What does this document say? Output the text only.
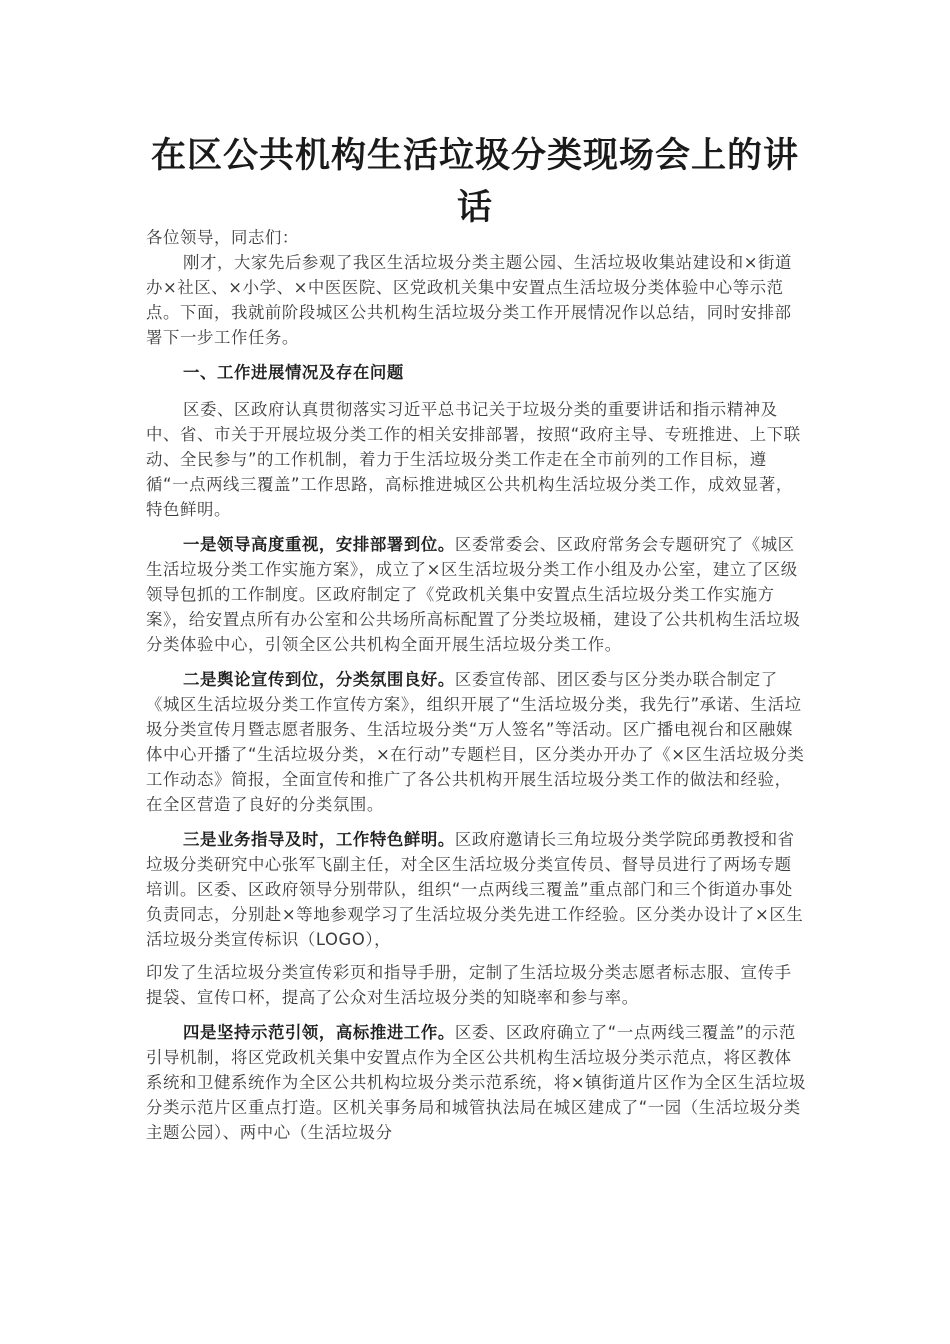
在区公共机构生活垃圾分类现场会上的讲话

各位领导，同志们：

刚才，大家先后参观了我区生活垃圾分类主题公园、生活垃圾收集站建设和×街道办×社区、×小学、×中医医院、区党政机关集中安置点生活垃圾分类体验中心等示范点。下面，我就前阶段城区公共机构生活垃圾分类工作开展情况作以总结，同时安排部署下一步工作任务。

一、工作进展情况及存在问题

区委、区政府认真贯彻落实习近平总书记关于垃圾分类的重要讲话和指示精神及中、省、市关于开展垃圾分类工作的相关安排部署，按照“政府主导、专班推进、上下联动、全民参与”的工作机制，着力于生活垃圾分类工作走在全市前列的工作目标，遵循“一点两线三覆盖”工作思路，高标推进城区公共机构生活垃圾分类工作，成效显著，特色鲜明。

一是领导高度重视，安排部署到位。区委常委会、区政府常务会专题研究了《城区生活垃圾分类工作实施方案》，成立了×区生活垃圾分类工作小组及办公室，建立了区级领导包抓的工作制度。区政府制定了《党政机关集中安置点生活垃圾分类工作实施方案》，给安置点所有办公室和公共场所高标配置了分类垃圾桶，建设了公共机构生活垃圾分类体验中心，引领全区公共机构全面开展生活垃圾分类工作。

二是舆论宣传到位，分类氛围良好。区委宣传部、团区委与区分类办联合制定了《城区生活垃圾分类工作宣传方案》，组织开展了“生活垃圾分类，我先行”承诺、生活垃圾分类宣传月暨志愿者服务、生活垃圾分类“万人签名”等活动。区广播电视台和区融媒体中心开播了“生活垃圾分类，×在行动”专题栏目，区分类办开办了《×区生活垃圾分类工作动态》简报，全面宣传和推广了各公共机构开展生活垃圾分类工作的做法和经验，在全区营造了良好的分类氛围。

三是业务指导及时，工作特色鲜明。区政府邀请长三角垃圾分类学院邱勇教授和省垃圾分类研究中心张军飞副主任，对全区生活垃圾分类宣传员、督导员进行了两场专题培训。区委、区政府领导分别带队，组织“一点两线三覆盖”重点部门和三个街道办事处负责同志，分别赴×等地参观学习了生活垃圾分类先进工作经验。区分类办设计了×区生活垃圾分类宣传标识（LOGO），

印发了生活垃圾分类宣传彩页和指导手册，定制了生活垃圾分类志愿者标志服、宣传手提袋、宣传口杯，提高了公众对生活垃圾分类的知晓率和参与率。

四是坚持示范引领，高标推进工作。区委、区政府确立了“一点两线三覆盖”的示范引导机制，将区党政机关集中安置点作为全区公共机构生活垃圾分类示范点，将区教体系统和卫健系统作为全区公共机构垃圾分类示范系统，将×镇街道片区作为全区生活垃圾分类示范片区重点打造。区机关事务局和城管执法局在城区建成了“一园（生活垃圾分类主题公园）、两中心（生活垃圾分
